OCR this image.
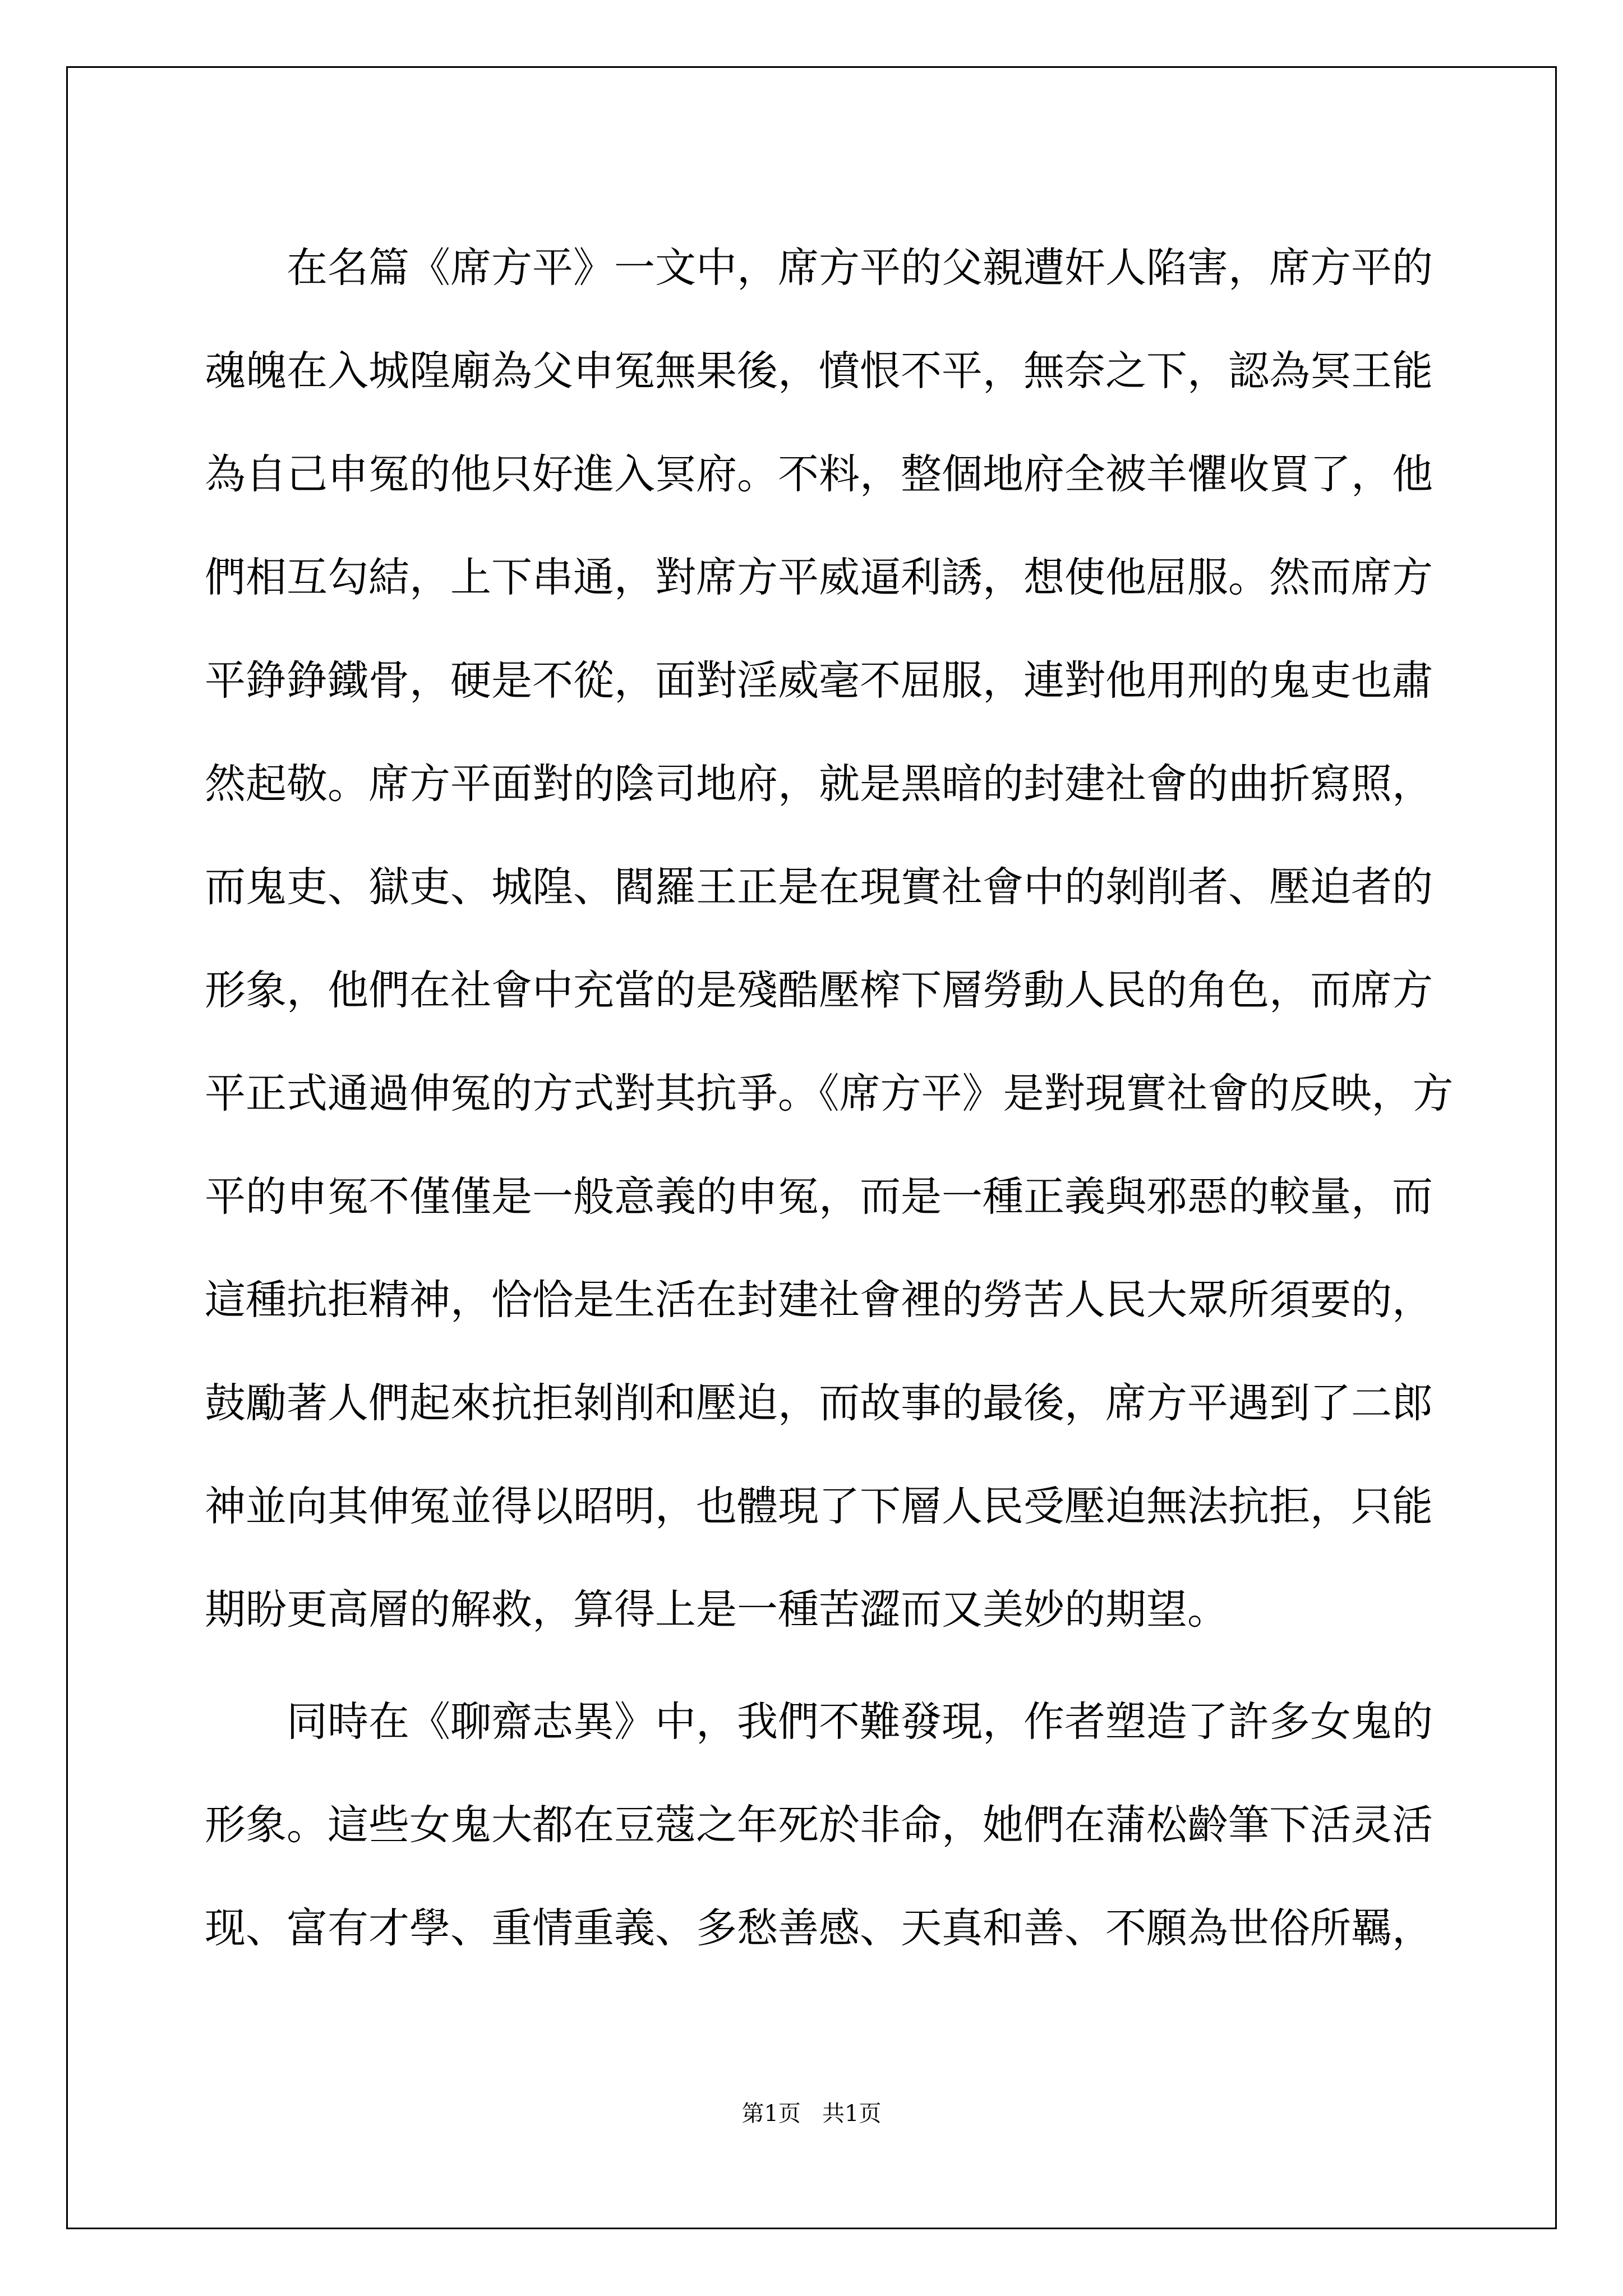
在名篇《席方平》一文中，席方平的父親遭奸人陷害，席方平的
魂魄在入城隍廟為父申冤無果後，憤恨不平，無奈之下，認為冥王能
為自己申冤的他只好進入冥府。不料，整個地府全被羊懼收買了，他
們相互勾結，上下串通，對席方平威逼利誘，想使他屈服。然而席方
平錚錚鐵骨，硬是不從，面對淫威毫不屈服，連對他用刑的鬼吏也肅
然起敬。席方平面對的陰司地府，就是黑暗的封建社會的曲折寫照，
而鬼吏、獄吏、城隍、閻羅王正是在現實社會中的剝削者、壓迫者的
形象，他們在社會中充當的是殘酷壓榨下層勞動人民的角色，而席方
平正式通過伸冤的方式對其抗爭。《席方平》是對現實社會的反映，方
平的申冤不僅僅是一般意義的申冤，而是一種正義與邪惡的較量，而
這種抗拒精神，恰恰是生活在封建社會裡的勞苦人民大眾所須要的，
鼓勵著人們起來抗拒剝削和壓迫，而故事的最後，席方平遇到了二郎
神並向其伸冤並得以昭明，也體現了下層人民受壓迫無法抗拒，只能
期盼更高層的解救，算得上是一種苦澀而又美妙的期望。
同時在《聊齋志異》中，我們不難發現，作者塑造了許多女鬼的
形象。這些女鬼大都在豆蔻之年死於非命，她們在蒲松齡筆下活灵活
现、富有才學、重情重義、多愁善感、天真和善、不願為世俗所羈，
第1页   共1页
